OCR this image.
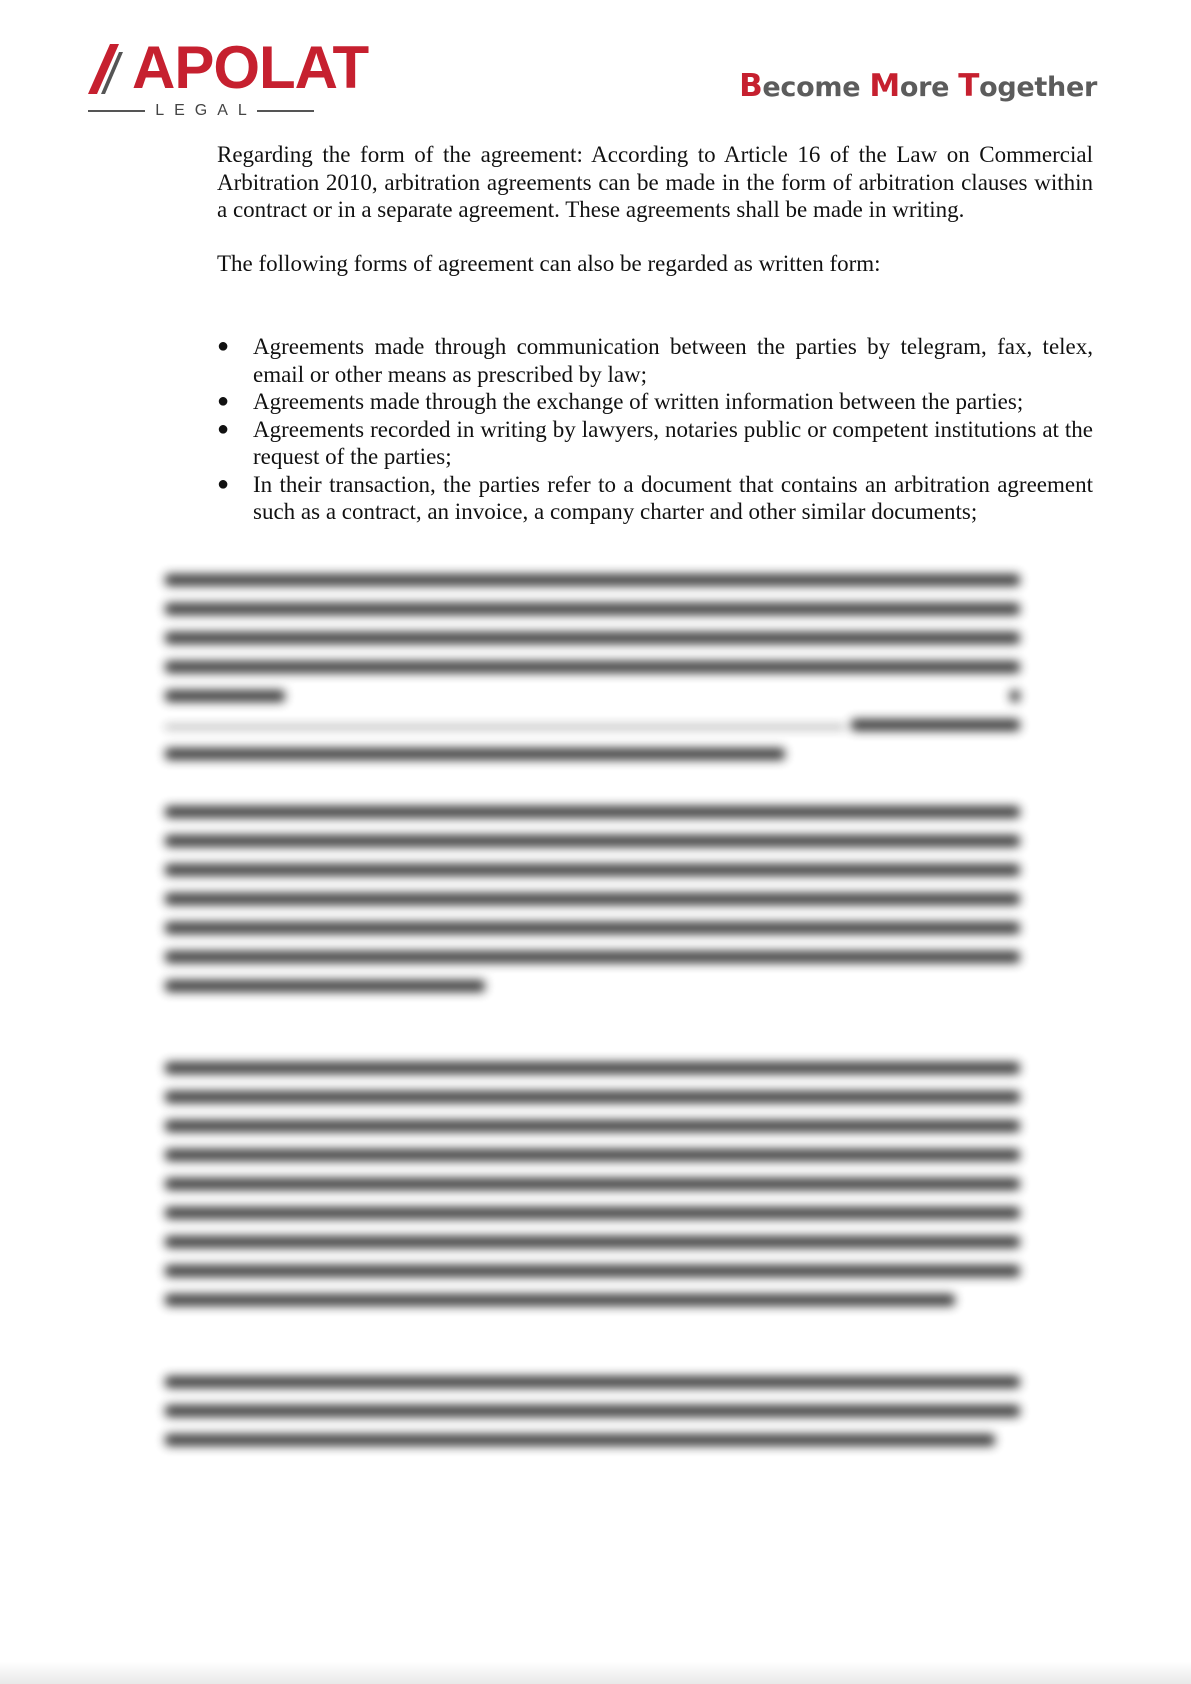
APOLAT
LEGAL
Become More Together

Regarding the form of the agreement: According to Article 16 of the Law on Commercial Arbitration 2010, arbitration agreements can be made in the form of arbitration clauses within a contract or in a separate agreement. These agreements shall be made in writing.

The following forms of agreement can also be regarded as written form:

● Agreements made through communication between the parties by telegram, fax, telex, email or other means as prescribed by law;
● Agreements made through the exchange of written information between the parties;
● Agreements recorded in writing by lawyers, notaries public or competent institutions at the request of the parties;
● In their transaction, the parties refer to a document that contains an arbitration agreement such as a contract, an invoice, a company charter and other similar documents;
